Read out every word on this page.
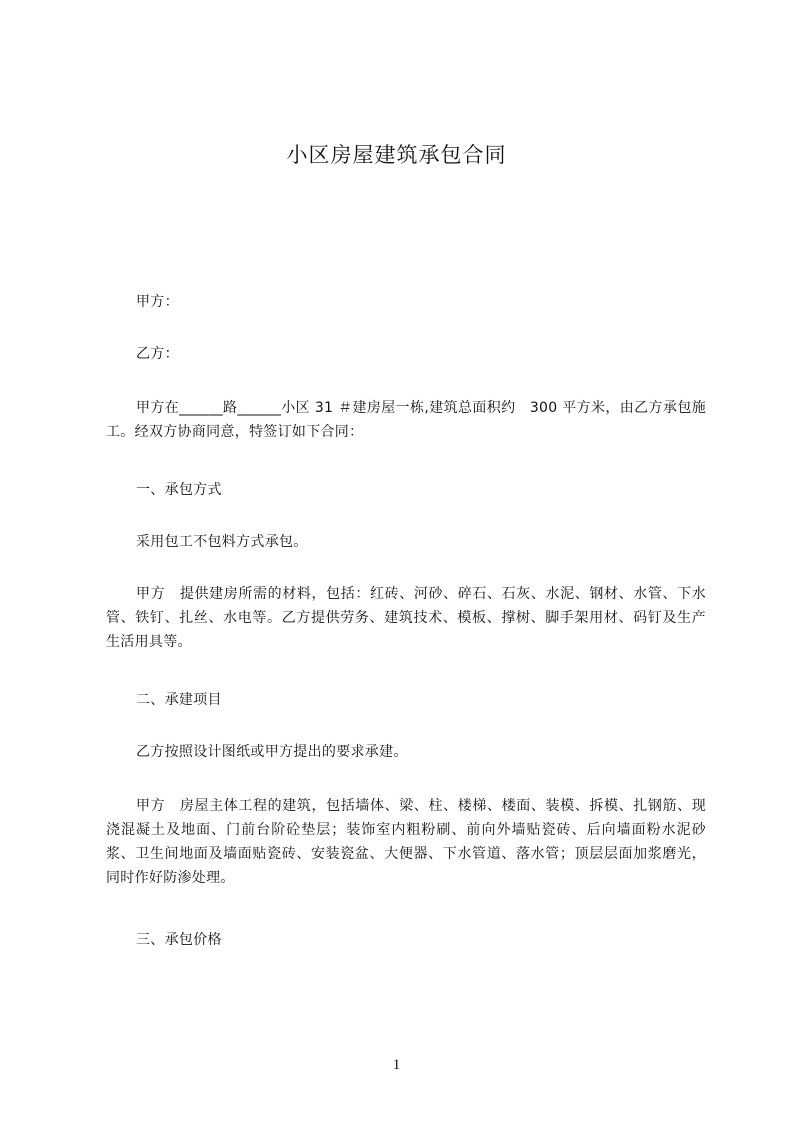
小区房屋建筑承包合同
甲方：
乙方：
甲方在______路______小区 31 ＃建房屋一栋,建筑总面积约　300 平方米，由乙方承包施工。经双方协商同意，特签订如下合同：
一、承包方式
采用包工不包料方式承包。
甲方　提供建房所需的材料，包括：红砖、河砂、碎石、石灰、水泥、钢材、水管、下水管、铁钉、扎丝、水电等。乙方提供劳务、建筑技术、模板、撑树、脚手架用材、码钉及生产生活用具等。
二、承建项目
乙方按照设计图纸或甲方提出的要求承建。
甲方　房屋主体工程的建筑，包括墙体、梁、柱、楼梯、楼面、装模、拆模、扎钢筋、现浇混凝土及地面、门前台阶砼垫层；装饰室内粗粉刷、前向外墙贴瓷砖、后向墙面粉水泥砂浆、卫生间地面及墙面贴瓷砖、安装瓷盆、大便器、下水管道、落水管；顶层层面加浆磨光，同时作好防渗处理。
三、承包价格
1
